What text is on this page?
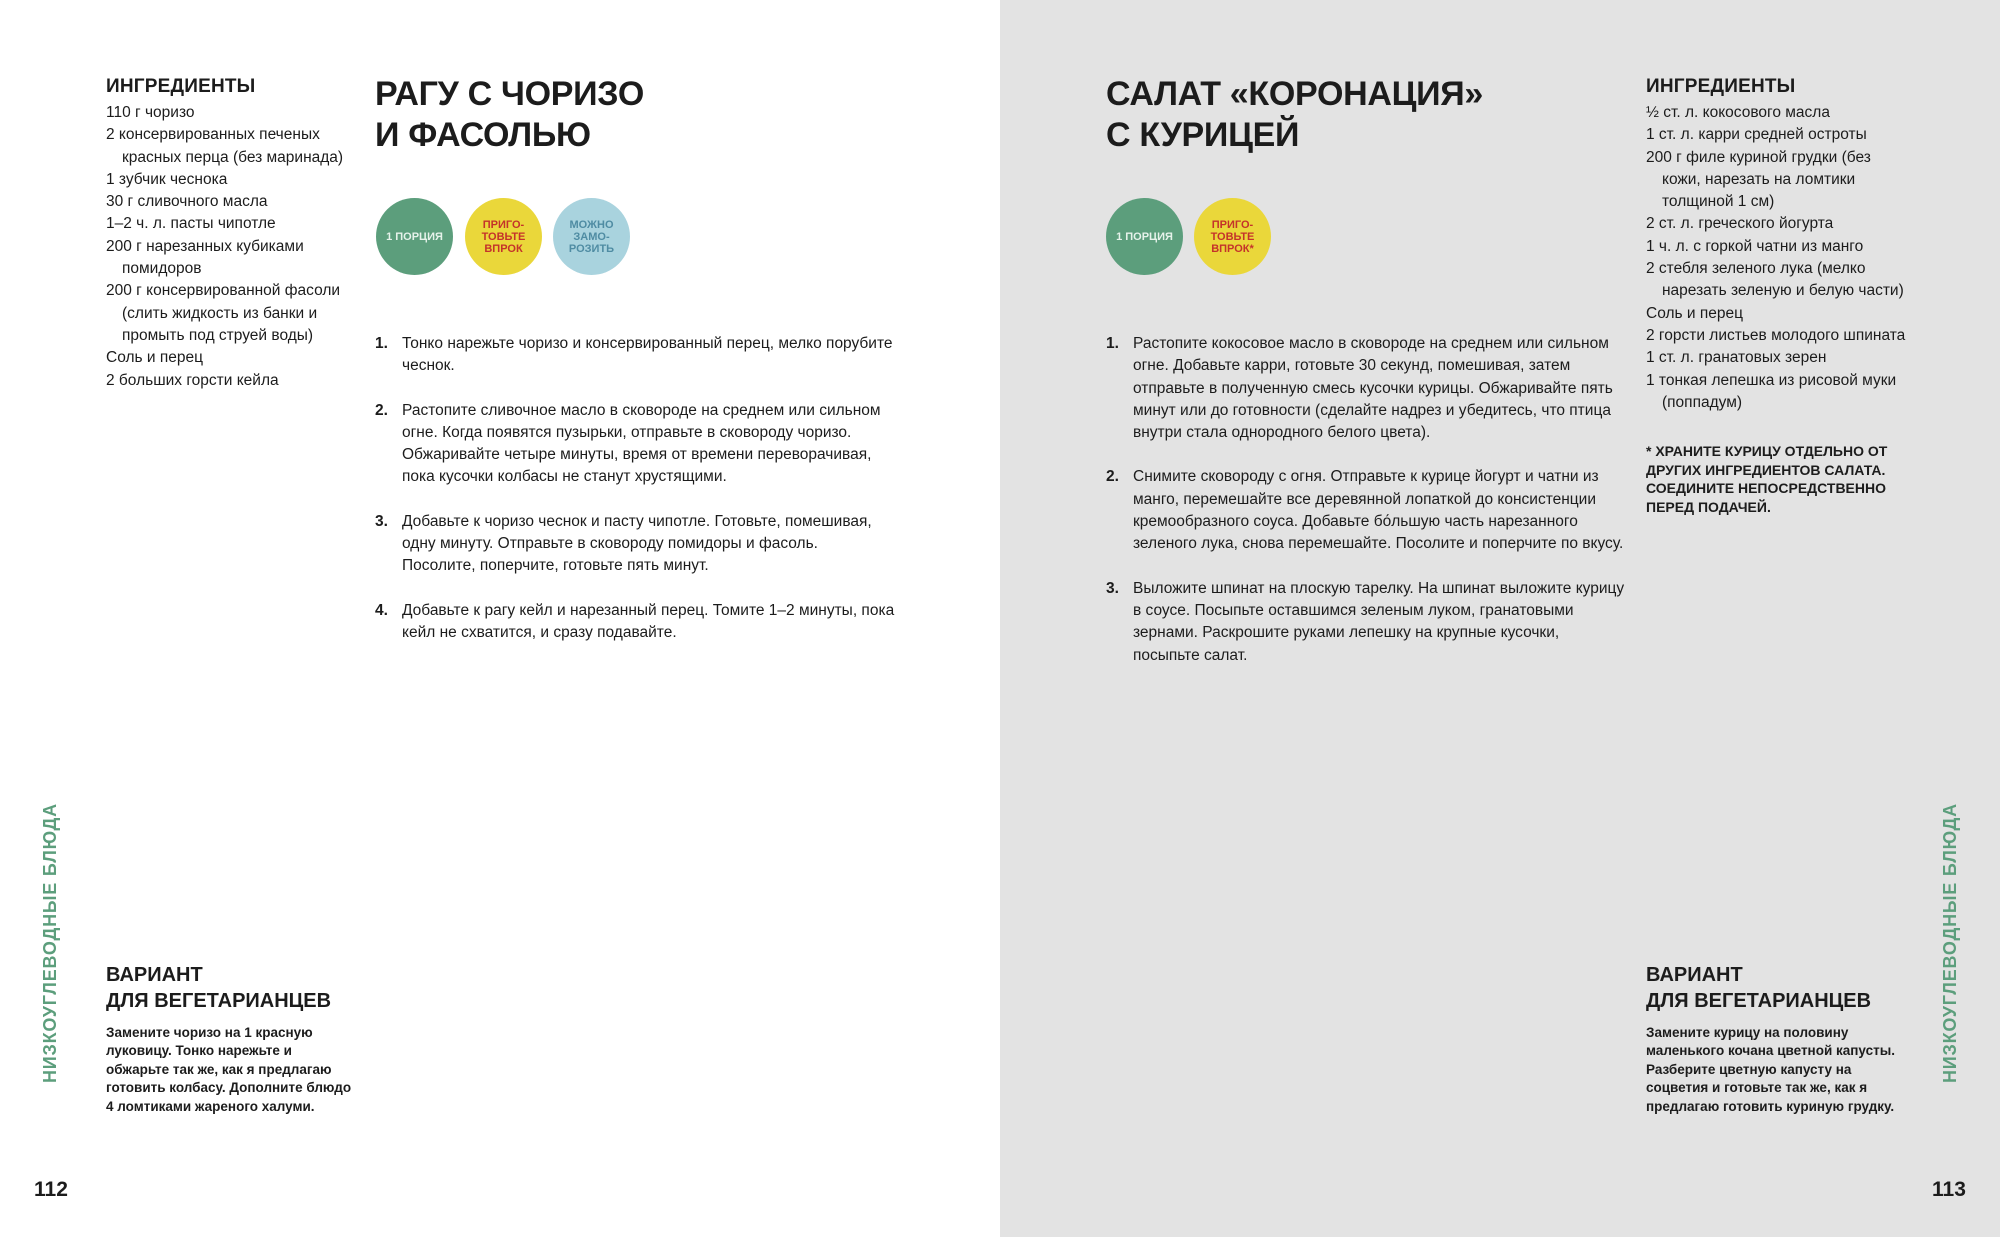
ИНГРЕДИЕНТЫ
110 г чоризо
2 консервированных печеных красных перца (без маринада)
1 зубчик чеснока
30 г сливочного масла
1–2 ч. л. пасты чипотле
200 г нарезанных кубиками помидоров
200 г консервированной фасоли (слить жидкость из банки и промыть под струей воды)
Соль и перец
2 больших горсти кейла
РАГУ С ЧОРИЗО
И ФАСОЛЬЮ
1 ПОРЦИЯ
ПРИГО-ТОВЬТЕ ВПРОК
МОЖНО ЗАМО-РОЗИТЬ
1. Тонко нарежьте чоризо и консервированный перец, мелко порубите чеснок.
2. Растопите сливочное масло в сковороде на среднем или сильном огне. Когда появятся пузырьки, отправьте в сковороду чоризо. Обжаривайте четыре минуты, время от времени переворачивая, пока кусочки колбасы не станут хрустящими.
3. Добавьте к чоризо чеснок и пасту чипотле. Готовьте, помешивая, одну минуту. Отправьте в сковороду помидоры и фасоль. Посолите, поперчите, готовьте пять минут.
4. Добавьте к рагу кейл и нарезанный перец. Томите 1–2 минуты, пока кейл не схватится, и сразу подавайте.
ВАРИАНТ
ДЛЯ ВЕГЕТАРИАНЦЕВ

Замените чоризо на 1 красную луковицу. Тонко нарежьте и обжарьте так же, как я предлагаю готовить колбасу. Дополните блюдо 4 ломтиками жареного халуми.

НИЗКОУГЛЕВОДНЫЕ БЛЮДА
112
САЛАТ «КОРОНАЦИЯ»
С КУРИЦЕЙ
1 ПОРЦИЯ
ПРИГО-ТОВЬТЕ ВПРОК*
1. Растопите кокосовое масло в сковороде на среднем или сильном огне. Добавьте карри, готовьте 30 секунд, помешивая, затем отправьте в полученную смесь кусочки курицы. Обжаривайте пять минут или до готовности (сделайте надрез и убедитесь, что птица внутри стала однородного белого цвета).
2. Снимите сковороду с огня. Отправьте к курице йогурт и чатни из манго, перемешайте все деревянной лопаткой до консистенции кремообразного соуса. Добавьте бо́льшую часть нарезанного зеленого лука, снова перемешайте. Посолите и поперчите по вкусу.
3. Выложите шпинат на плоскую тарелку. На шпинат выложите курицу в соусе. Посыпьте оставшимся зеленым луком, гранатовыми зернами. Раскрошите руками лепешку на крупные кусочки, посыпьте салат.
ИНГРЕДИЕНТЫ
½ ст. л. кокосового масла
1 ст. л. карри средней остроты
200 г филе куриной грудки (без кожи, нарезать на ломтики толщиной 1 см)
2 ст. л. греческого йогурта
1 ч. л. с горкой чатни из манго
2 стебля зеленого лука (мелко нарезать зеленую и белую части)
Соль и перец
2 горсти листьев молодого шпината
1 ст. л. гранатовых зерен
1 тонкая лепешка из рисовой муки (поппадум)
* ХРАНИТЕ КУРИЦУ ОТДЕЛЬНО ОТ ДРУГИХ ИНГРЕДИЕНТОВ САЛАТА. СОЕДИНИТЕ НЕПОСРЕДСТВЕННО ПЕРЕД ПОДАЧЕЙ.
ВАРИАНТ
ДЛЯ ВЕГЕТАРИАНЦЕВ

Замените курицу на половину маленького кочана цветной капусты. Разберите цветную капусту на соцветия и готовьте так же, как я предлагаю готовить куриную грудку.

НИЗКОУГЛЕВОДНЫЕ БЛЮДА
113
